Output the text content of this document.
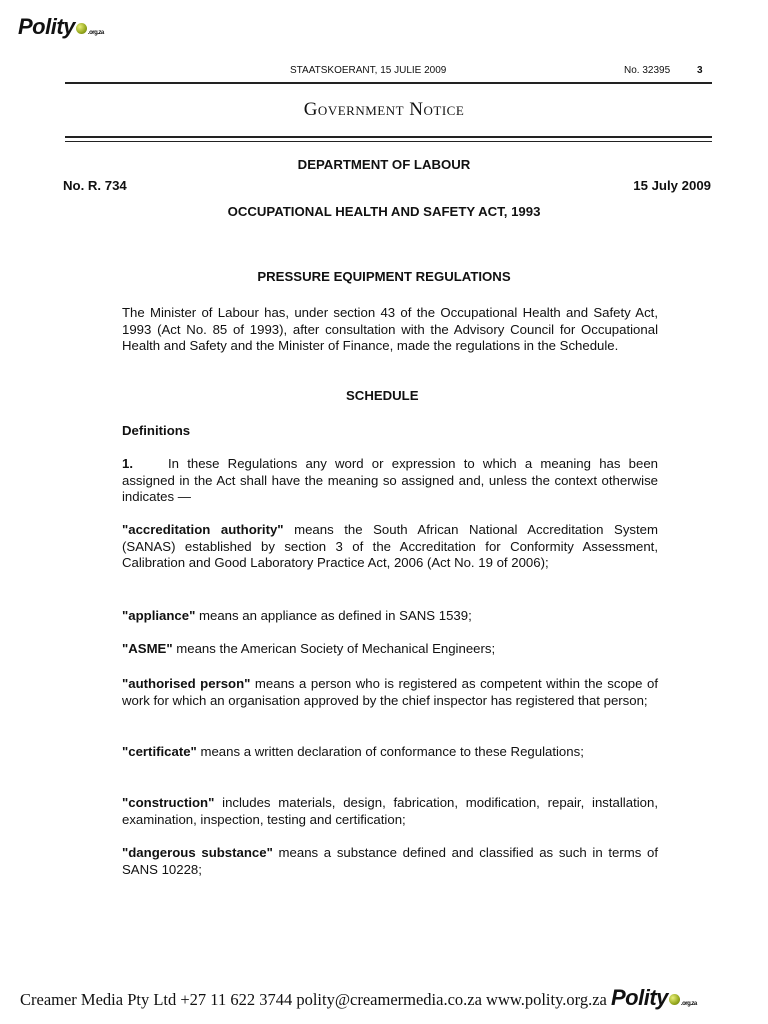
Polity .org.za
STAATSKOERANT, 15 JULIE 2009	No. 32395	3
Government Notice
DEPARTMENT OF LABOUR
No. R. 734	15 July 2009
OCCUPATIONAL HEALTH AND SAFETY ACT, 1993
PRESSURE EQUIPMENT REGULATIONS
The Minister of Labour has, under section 43 of the Occupational Health and Safety Act, 1993 (Act No. 85 of 1993), after consultation with the Advisory Council for Occupational Health and Safety and the Minister of Finance, made the regulations in the Schedule.
SCHEDULE
Definitions
1.	In these Regulations any word or expression to which a meaning has been assigned in the Act shall have the meaning so assigned and, unless the context otherwise indicates —
"accreditation authority" means the South African National Accreditation System (SANAS) established by section 3 of the Accreditation for Conformity Assessment, Calibration and Good Laboratory Practice Act, 2006 (Act No. 19 of 2006);
"appliance" means an appliance as defined in SANS 1539;
"ASME" means the American Society of Mechanical Engineers;
"authorised person" means a person who is registered as competent within the scope of work for which an organisation approved by the chief inspector has registered that person;
"certificate" means a written declaration of conformance to these Regulations;
"construction" includes materials, design, fabrication, modification, repair, installation, examination, inspection, testing and certification;
"dangerous substance" means a substance defined and classified as such in terms of SANS 10228;
Creamer Media Pty Ltd +27 11 622 3744 polity@creamermedia.co.za www.polity.org.za Polity .org.za
